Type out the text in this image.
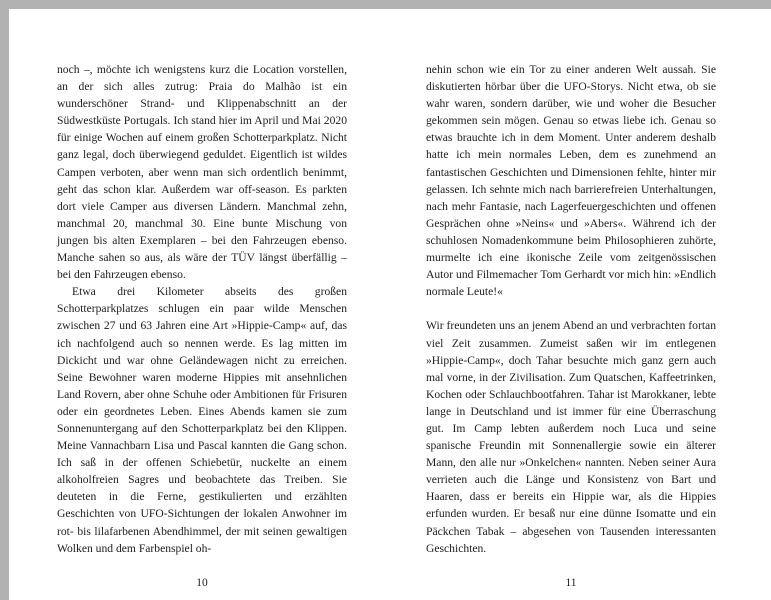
noch –, möchte ich wenigstens kurz die Location vorstellen, an der sich alles zutrug: Praia do Malhão ist ein wunderschöner Strand- und Klippenabschnitt an der Südwestküste Portugals. Ich stand hier im April und Mai 2020 für einige Wochen auf einem großen Schotterparkplatz. Nicht ganz legal, doch überwiegend geduldet. Eigentlich ist wildes Campen verboten, aber wenn man sich ordentlich benimmt, geht das schon klar. Außerdem war off-season. Es parkten dort viele Camper aus diversen Ländern. Manchmal zehn, manchmal 20, manchmal 30. Eine bunte Mischung von jungen bis alten Exemplaren – bei den Fahrzeugen ebenso. Manche sahen so aus, als wäre der TÜV längst überfällig – bei den Fahrzeugen ebenso.

Etwa drei Kilometer abseits des großen Schotterparkplatzes schlugen ein paar wilde Menschen zwischen 27 und 63 Jahren eine Art »Hippie-Camp« auf, das ich nachfolgend auch so nennen werde. Es lag mitten im Dickicht und war ohne Geländewagen nicht zu erreichen. Seine Bewohner waren moderne Hippies mit ansehnlichen Land Rovern, aber ohne Schuhe oder Ambitionen für Frisuren oder ein geordnetes Leben. Eines Abends kamen sie zum Sonnenuntergang auf den Schotterparkplatz bei den Klippen. Meine Vannachbarn Lisa und Pascal kannten die Gang schon. Ich saß in der offenen Schiebetür, nuckelte an einem alkoholfreien Sagres und beobachtete das Treiben. Sie deuteten in die Ferne, gestikulierten und erzählten Geschichten von UFO-Sichtungen der lokalen Anwohner im rot- bis lilafarbenen Abendhimmel, der mit seinen gewaltigen Wolken und dem Farbenspiel oh-

nehin schon wie ein Tor zu einer anderen Welt aussah. Sie diskutierten hörbar über die UFO-Storys. Nicht etwa, ob sie wahr waren, sondern darüber, wie und woher die Besucher gekommen sein mögen. Genau so etwas liebe ich. Genau so etwas brauchte ich in dem Moment. Unter anderem deshalb hatte ich mein normales Leben, dem es zunehmend an fantastischen Geschichten und Dimensionen fehlte, hinter mir gelassen. Ich sehnte mich nach barrierefreien Unterhaltungen, nach mehr Fantasie, nach Lagerfeuergeschichten und offenen Gesprächen ohne »Neins« und »Abers«. Während ich der schuhlosen Nomadenkommune beim Philosophieren zuhörte, murmelte ich eine ikonische Zeile vom zeitgenössischen Autor und Filmemacher Tom Gerhardt vor mich hin: »Endlich normale Leute!«

Wir freundeten uns an jenem Abend an und verbrachten fortan viel Zeit zusammen. Zumeist saßen wir im entlegenen »Hippie-Camp«, doch Tahar besuchte mich ganz gern auch mal vorne, in der Zivilisation. Zum Quatschen, Kaffeetrinken, Kochen oder Schlauchbootfahren. Tahar ist Marokkaner, lebte lange in Deutschland und ist immer für eine Überraschung gut. Im Camp lebten außerdem noch Luca und seine spanische Freundin mit Sonnenallergie sowie ein älterer Mann, den alle nur »Onkelchen« nannten. Neben seiner Aura verrieten auch die Länge und Konsistenz von Bart und Haaren, dass er bereits ein Hippie war, als die Hippies erfunden wurden. Er besaß nur eine dünne Isomatte und ein Päckchen Tabak – abgesehen von Tausenden interessanten Geschichten.

10	11
